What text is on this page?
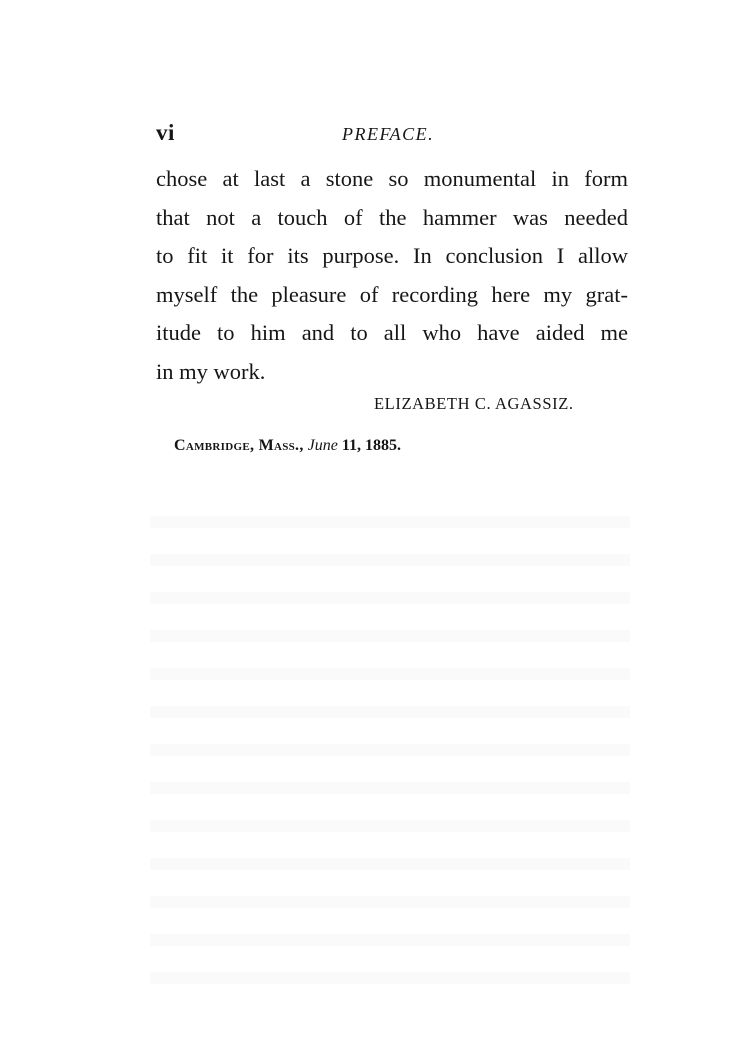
vi	PREFACE.
chose at last a stone so monumental in form
that not a touch of the hammer was needed
to fit it for its purpose. In conclusion I allow
myself the pleasure of recording here my grat-
itude to him and to all who have aided me
in my work.
ELIZABETH C. AGASSIZ.
Cambridge, Mass., June 11, 1885.
